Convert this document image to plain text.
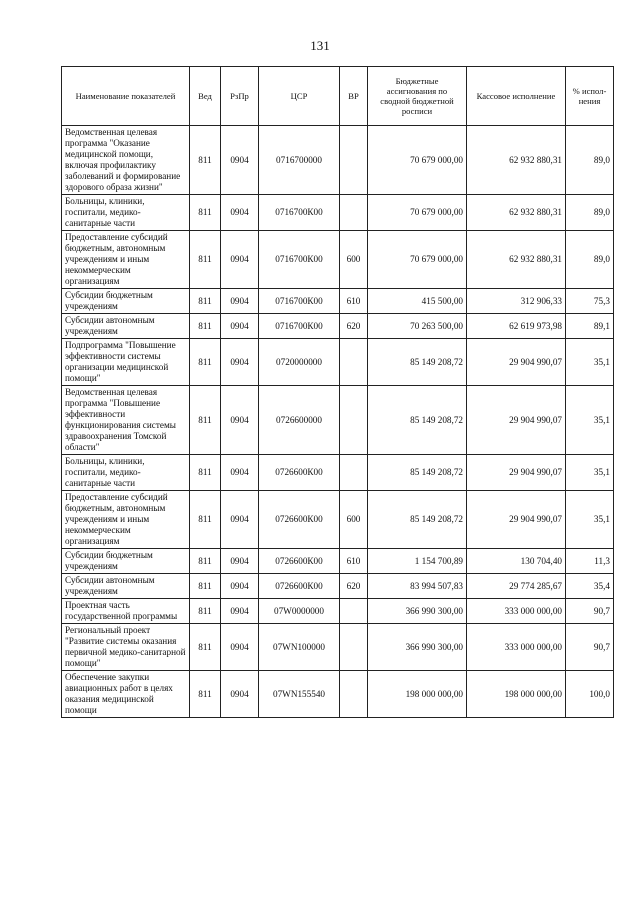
131
Наименование показателей	Вед	РзПр	ЦСР	ВР	Бюджетные ассигнования по сводной бюджетной росписи	Кассовое исполнение	% испол-нения
Ведомственная целевая программа "Оказание медицинской помощи, включая профилактику заболеваний и формирование здорового образа жизни"	811	0904	0716700000		70 679 000,00	62 932 880,31	89,0
Больницы, клиники, госпитали, медико-санитарные части	811	0904	0716700К00		70 679 000,00	62 932 880,31	89,0
Предоставление субсидий бюджетным, автономным учреждениям и иным некоммерческим организациям	811	0904	0716700К00	600	70 679 000,00	62 932 880,31	89,0
Субсидии бюджетным учреждениям	811	0904	0716700К00	610	415 500,00	312 906,33	75,3
Субсидии автономным учреждениям	811	0904	0716700К00	620	70 263 500,00	62 619 973,98	89,1
Подпрограмма "Повышение эффективности системы организации медицинской помощи"	811	0904	0720000000		85 149 208,72	29 904 990,07	35,1
Ведомственная целевая программа "Повышение эффективности функционирования системы здравоохранения Томской области"	811	0904	0726600000		85 149 208,72	29 904 990,07	35,1
Больницы, клиники, госпитали, медико-санитарные части	811	0904	0726600К00		85 149 208,72	29 904 990,07	35,1
Предоставление субсидий бюджетным, автономным учреждениям и иным некоммерческим организациям	811	0904	0726600К00	600	85 149 208,72	29 904 990,07	35,1
Субсидии бюджетным учреждениям	811	0904	0726600К00	610	1 154 700,89	130 704,40	11,3
Субсидии автономным учреждениям	811	0904	0726600К00	620	83 994 507,83	29 774 285,67	35,4
Проектная часть государственной программы	811	0904	07W0000000		366 990 300,00	333 000 000,00	90,7
Региональный проект "Развитие системы оказания первичной медико-санитарной помощи"	811	0904	07WN100000		366 990 300,00	333 000 000,00	90,7
Обеспечение закупки авиационных работ в целях оказания медицинской помощи	811	0904	07WN155540		198 000 000,00	198 000 000,00	100,0
